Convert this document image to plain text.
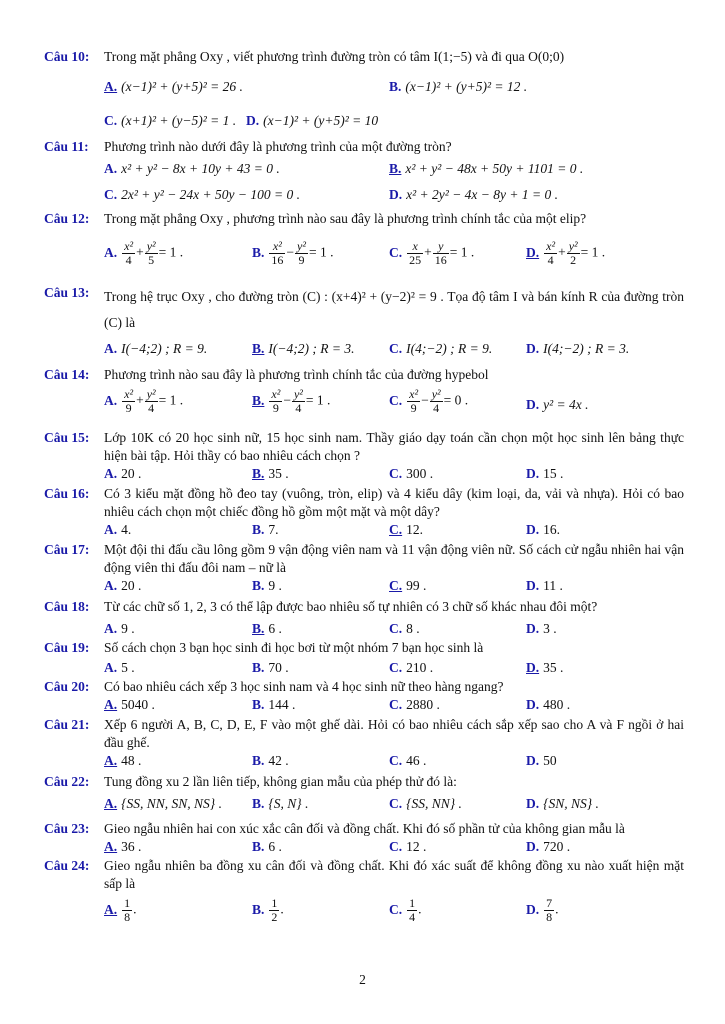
Câu 10: Trong mặt phẳng Oxy , viết phương trình đường tròn có tâm I(1;−5) và đi qua O(0;0)
A. (x−1)² + (y+5)² = 26 .	B. (x−1)² + (y+5)² = 12 .
C. (x+1)² + (y−5)² = 1 . D. (x−1)² + (y+5)² = 10
Câu 11: Phương trình nào dưới đây là phương trình của một đường tròn?
A. x² + y² − 8x + 10y + 43 = 0 .	B. x² + y² − 48x + 50y + 1101 = 0 .
C. 2x² + y² − 24x + 50y − 100 = 0 .	D. x² + 2y² − 4x − 8y + 1 = 0 .
Câu 12: Trong mặt phẳng Oxy , phương trình nào sau đây là phương trình chính tắc của một elip?
A. $\frac{\text{x²}}{4} + \frac{\text{y²}}{5} = 1$ .	B. $\frac{\text{x²}}{16} - \frac{\text{y²}}{9} = 1$ .	C. $\frac{x}{25} + \frac{y}{16} = 1$ .	D. $\frac{\text{x²}}{4} + \frac{\text{y²}}{2} = 1$ .
Câu 13: Trong hệ trục Oxy , cho đường tròn (C) : (x+4)² + (y−2)² = 9 . Tọa độ tâm I và bán kính R của đường tròn (C) là
A. I(−4;2) ; R = 9.	B. I(−4;2) ; R = 3.	C. I(4;−2) ; R = 9.	D. I(4;−2) ; R = 3.
Câu 14: Phương trình nào sau đây là phương trình chính tắc của đường hypebol
A. $\frac{\text{x²}}{9} + \frac{\text{y²}}{4} = 1$ .	B. $\frac{\text{x²}}{9} - \frac{\text{y²}}{4} = 1$ .	C. $\frac{\text{x²}}{9} - \frac{\text{y²}}{4} = 0$ .	D. y² = 4x .
Câu 15: Lớp 10K có 20 học sinh nữ, 15 học sinh nam. Thầy giáo dạy toán cần chọn một học sinh lên bảng thực hiện bài tập. Hỏi thầy có bao nhiêu cách chọn ?
A. 20 .	B. 35 .	C. 300 .	D. 15 .
Câu 16: Có 3 kiểu mặt đồng hồ đeo tay (vuông, tròn, elip) và 4 kiểu dây (kim loại, da, vải và nhựa). Hỏi có bao nhiêu cách chọn một chiếc đồng hồ gồm một mặt và một dây?
A. 4.	B. 7.	C. 12.	D. 16.
Câu 17: Một đội thi đấu cầu lông gồm 9 vận động viên nam và 11 vận động viên nữ. Số cách cử ngẫu nhiên hai vận động viên thi đấu đôi nam – nữ là
A. 20 .	B. 9 .	C. 99 .	D. 11 .
Câu 18: Từ các chữ số 1, 2, 3 có thể lập được bao nhiêu số tự nhiên có 3 chữ số khác nhau đôi một?
A. 9 .	B. 6 .	C. 8 .	D. 3 .
Câu 19: Số cách chọn 3 bạn học sinh đi học bơi từ một nhóm 7 bạn học sinh là
A. 5 .	B. 70 .	C. 210 .	D. 35 .
Câu 20: Có bao nhiêu cách xếp 3 học sinh nam và 4 học sinh nữ theo hàng ngang?
A. 5040 .	B. 144 .	C. 2880 .	D. 480 .
Câu 21: Xếp 6 người A, B, C, D, E, F vào một ghế dài. Hỏi có bao nhiêu cách sắp xếp sao cho A và F ngồi ở hai đầu ghế.
A. 48 .	B. 42 .	C. 46 .	D. 50
Câu 22: Tung đồng xu 2 lần liên tiếp, không gian mẫu của phép thử đó là:
A. {SS, NN, SN, NS} . B. {S, N} .	C. {SS, NN} .	D. {SN, NS} .
Câu 23: Gieo ngẫu nhiên hai con xúc xắc cân đối và đồng chất. Khi đó số phần tử của không gian mẫu là
A. 36 .	B. 6 .	C. 12 .	D. 720 .
Câu 24: Gieo ngẫu nhiên ba đồng xu cân đối và đồng chất. Khi đó xác suất để không đồng xu nào xuất hiện mặt sấp là
A. $\frac{1}{8}$ .	B. $\frac{1}{2}$ .	C. $\frac{1}{4}$ .	D. $\frac{7}{8}$ .
2
